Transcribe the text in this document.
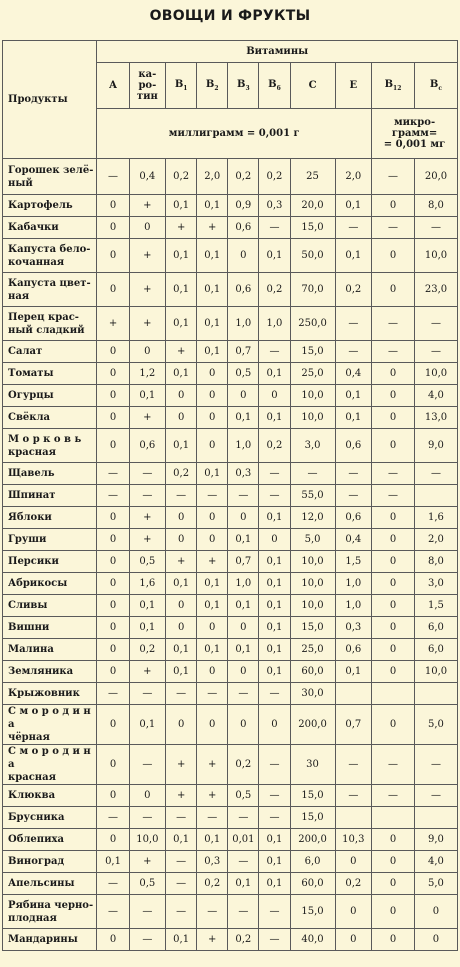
ОВОЩИ И ФРУКТЫ
Продукты	Витамины									
	A	ка-
ро-
тин	$B_1$	$B_2$	$B_3$	$B_6$	C	E	$B_{12}$	$B_c$
	миллиграмм = 0,001 г								микро-
грамм=
= 0,001 мг	
Горошек зелё-
ный	—	0,4	0,2	2,0	0,2	0,2	25	2,0	—	20,0
Картофель	0	+	0,1	0,1	0,9	0,3	20,0	0,1	0	8,0
Кабачки	0	0	+	+	0,6	—	15,0	—	—	—
Капуста бело-
кочанная	0	+	0,1	0,1	0	0,1	50,0	0,1	0	10,0
Капуста цвет-
ная	0	+	0,1	0,1	0,6	0,2	70,0	0,2	0	23,0
Перец крас-
ный сладкий	+	+	0,1	0,1	1,0	1,0	250,0	—	—	—
Салат	0	0	+	0,1	0,7	—	15,0	—	—	—
Томаты	0	1,2	0,1	0	0,5	0,1	25,0	0,4	0	10,0
Огурцы	0	0,1	0	0	0	0	10,0	0,1	0	4,0
Свёкла	0	+	0	0	0,1	0,1	10,0	0,1	0	13,0
М о р к о в ь
красная	0	0,6	0,1	0	1,0	0,2	3,0	0,6	0	9,0
Щавель	—	—	0,2	0,1	0,3	—	—	—	—	—
Шпинат	—	—	—	—	—	—	55,0	—	—	
Яблоки	0	+	0	0	0	0,1	12,0	0,6	0	1,6
Груши	0	+	0	0	0,1	0	5,0	0,4	0	2,0
Персики	0	0,5	+	+	0,7	0,1	10,0	1,5	0	8,0
Абрикосы	0	1,6	0,1	0,1	1,0	0,1	10,0	1,0	0	3,0
Сливы	0	0,1	0	0,1	0,1	0,1	10,0	1,0	0	1,5
Вишни	0	0,1	0	0	0	0,1	15,0	0,3	0	6,0
Малина	0	0,2	0,1	0,1	0,1	0,1	25,0	0,6	0	6,0
Земляника	0	+	0,1	0	0	0,1	60,0	0,1	0	10,0
Крыжовник	—	—	—	—	—	—	30,0			
С м о р о д и н а
чёрная	0	0,1	0	0	0	0	200,0	0,7	0	5,0
С м о р о д и н а
красная	0	—	+	+	0,2	—	30	—	—	—
Клюква	0	0	+	+	0,5	—	15,0	—	—	—
Брусника	—	—	—	—	—	—	15,0			
Облепиха	0	10,0	0,1	0,1	0,01	0,1	200,0	10,3	0	9,0
Виноград	0,1	+	—	0,3	—	0,1	6,0	0	0	4,0
Апельсины	—	0,5	—	0,2	0,1	0,1	60,0	0,2	0	5,0
Рябина черно-
плодная	—	—	—	—	—	—	15,0	0	0	0
Мандарины	0	—	0,1	+	0,2	—	40,0	0	0	0
